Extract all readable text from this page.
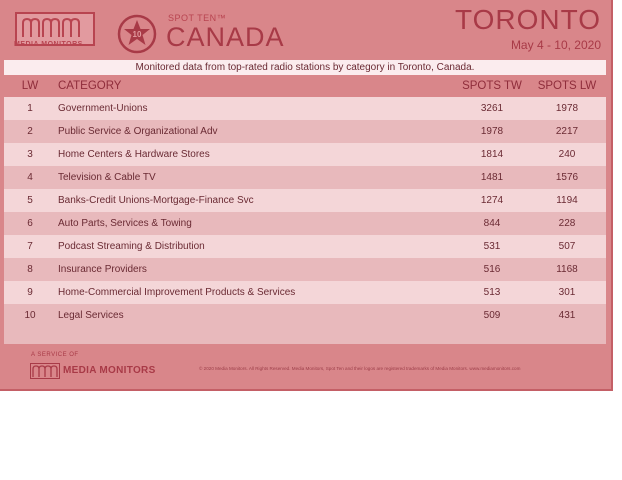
MEDIA MONITORS
10
SPOT TEN™
CANADA
TORONTO
May 4 - 10, 2020
Monitored data from top-rated radio stations by category in Toronto, Canada.
LW	CATEGORY	SPOTS TW	SPOTS LW
1	Government-Unions	3261	1978
2	Public Service & Organizational Adv	1978	2217
3	Home Centers & Hardware Stores	1814	240
4	Television & Cable TV	1481	1576
5	Banks-Credit Unions-Mortgage-Finance Svc	1274	1194
6	Auto Parts, Services & Towing	844	228
7	Podcast Streaming & Distribution	531	507
8	Insurance Providers	516	1168
9	Home-Commercial Improvement Products & Services	513	301
10	Legal Services	509	431
A SERVICE OF
MEDIA MONITORS	© 2020 Media Monitors. All Rights Reserved. Media Monitors, Spot Ten and their logos are registered trademarks of Media Monitors. www.mediamonitors.com
